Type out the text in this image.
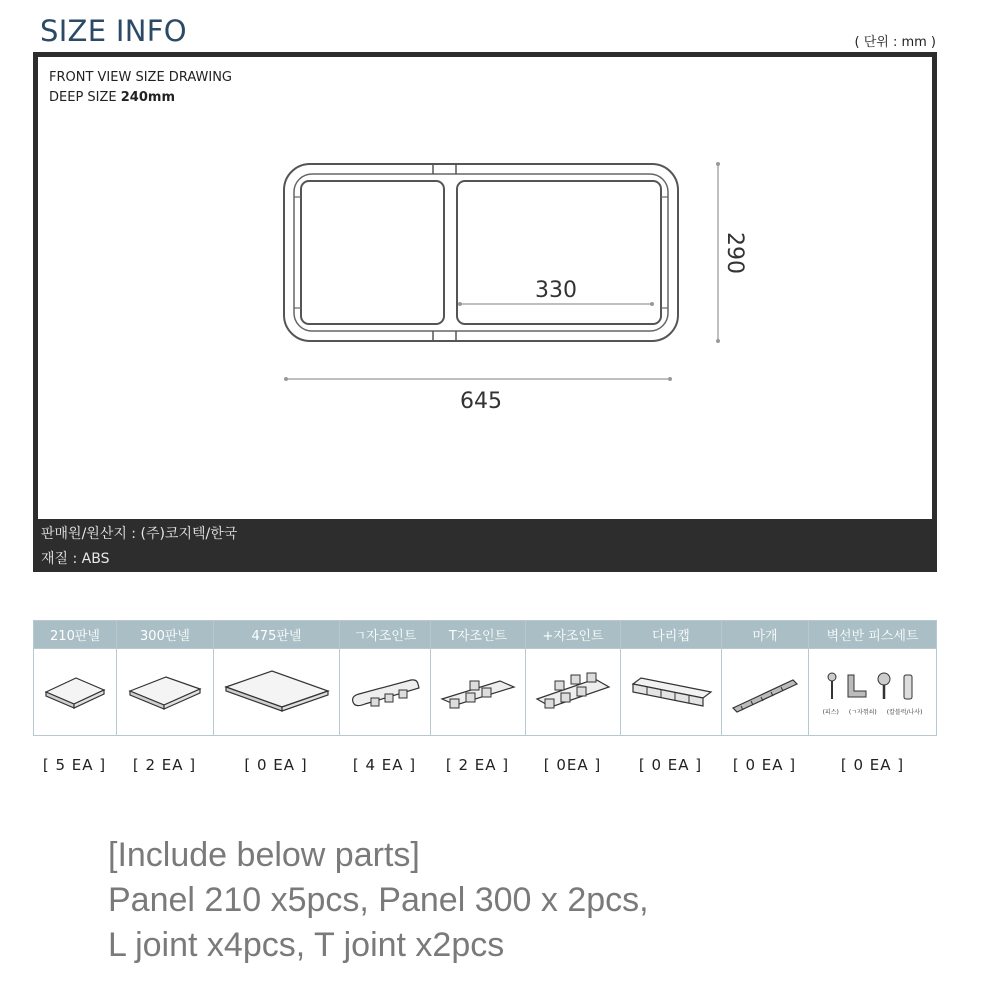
SIZE INFO	( 단위 : mm )
FRONT VIEW SIZE DRAWING
DEEP SIZE 240mm
330
290
645
판매원/원산지 : (주)코지텍/한국
재질 : ABS
210판넬	300판넬	475판넬	ㄱ자조인트	T자조인트	+자조인트	다리캡	마개	벽선반 피스세트
(피스) (ㄱ자꺾쇠) (칼블럭/나사)
[ 5 EA ]	[ 2 EA ]	[ 0 EA ]	[ 4 EA ]	[ 2 EA ]	[ 0EA ]	[ 0 EA ]	[ 0 EA ]	[ 0 EA ]
[Include below parts]
Panel 210 x5pcs, Panel 300 x 2pcs,
L joint x4pcs, T joint x2pcs
